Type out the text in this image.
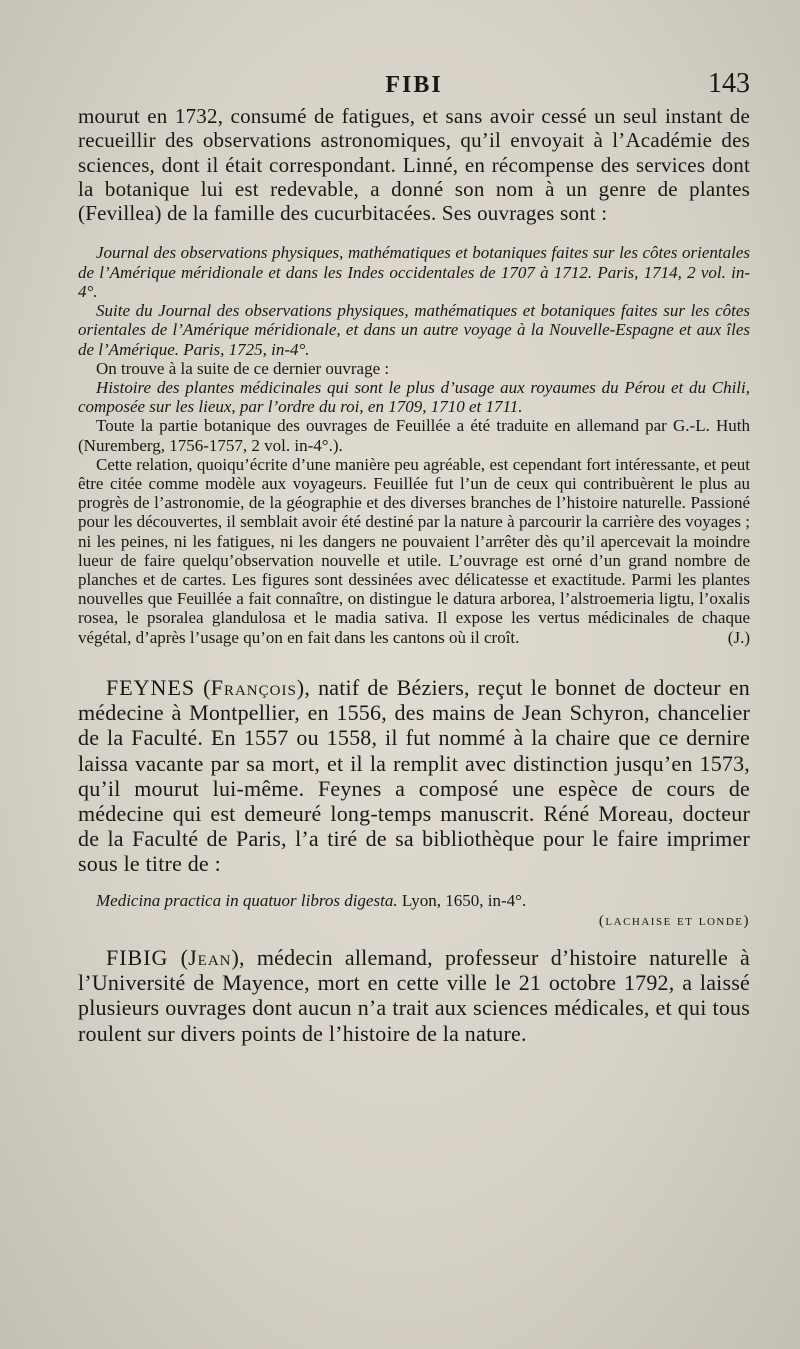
FIBI	143

mourut en 1732, consumé de fatigues, et sans avoir cessé un seul instant de recueillir des observations astronomiques, qu’il envoyait à l’Académie des sciences, dont il était correspondant. Linné, en récompense des services dont la botanique lui est redevable, a donné son nom à un genre de plantes (Fevillea) de la famille des cucurbitacées. Ses ouvrages sont :

Journal des observations physiques, mathématiques et botaniques faites sur les côtes orientales de l’Amérique méridionale et dans les Indes occidentales de 1707 à 1712. Paris, 1714, 2 vol. in-4°.

Suite du Journal des observations physiques, mathématiques et botaniques faites sur les côtes orientales de l’Amérique méridionale, et dans un autre voyage à la Nouvelle-Espagne et aux îles de l’Amérique. Paris, 1725, in-4°.

On trouve à la suite de ce dernier ouvrage :

Histoire des plantes médicinales qui sont le plus d’usage aux royaumes du Pérou et du Chili, composée sur les lieux, par l’ordre du roi, en 1709, 1710 et 1711.

Toute la partie botanique des ouvrages de Feuillée a été traduite en allemand par G.-L. Huth (Nuremberg, 1756-1757, 2 vol. in-4°.).

Cette relation, quoiqu’écrite d’une manière peu agréable, est cependant fort intéressante, et peut être citée comme modèle aux voyageurs. Feuillée fut l’un de ceux qui contribuèrent le plus au progrès de l’astronomie, de la géographie et des diverses branches de l’histoire naturelle. Passioné pour les découvertes, il semblait avoir été destiné par la nature à parcourir la carrière des voyages ; ni les peines, ni les fatigues, ni les dangers ne pouvaient l’arrêter dès qu’il apercevait la moindre lueur de faire quelqu’observation nouvelle et utile. L’ouvrage est orné d’un grand nombre de planches et de cartes. Les figures sont dessinées avec délicatesse et exactitude. Parmi les plantes nouvelles que Feuillée a fait connaître, on distingue le datura arborea, l’alstroemeria ligtu, l’oxalis rosea, le psoralea glandulosa et le madia sativa. Il expose les vertus médicinales de chaque végétal, d’après l’usage qu’on en fait dans les cantons où il croît.	(J.)

FEYNES (François), natif de Béziers, reçut le bonnet de docteur en médecine à Montpellier, en 1556, des mains de Jean Schyron, chancelier de la Faculté. En 1557 ou 1558, il fut nommé à la chaire que ce dernire laissa vacante par sa mort, et il la remplit avec distinction jusqu’en 1573, qu’il mourut lui-même. Feynes a composé une espèce de cours de médecine qui est demeuré long-temps manuscrit. Réné Moreau, docteur de la Faculté de Paris, l’a tiré de sa bibliothèque pour le faire imprimer sous le titre de :

Medicina practica in quatuor libros digesta. Lyon, 1650, in-4°.

(lachaise et londe)

FIBIG (Jean), médecin allemand, professeur d’histoire naturelle à l’Université de Mayence, mort en cette ville le 21 octobre 1792, a laissé plusieurs ouvrages dont aucun n’a trait aux sciences médicales, et qui tous roulent sur divers points de l’histoire de la nature.
